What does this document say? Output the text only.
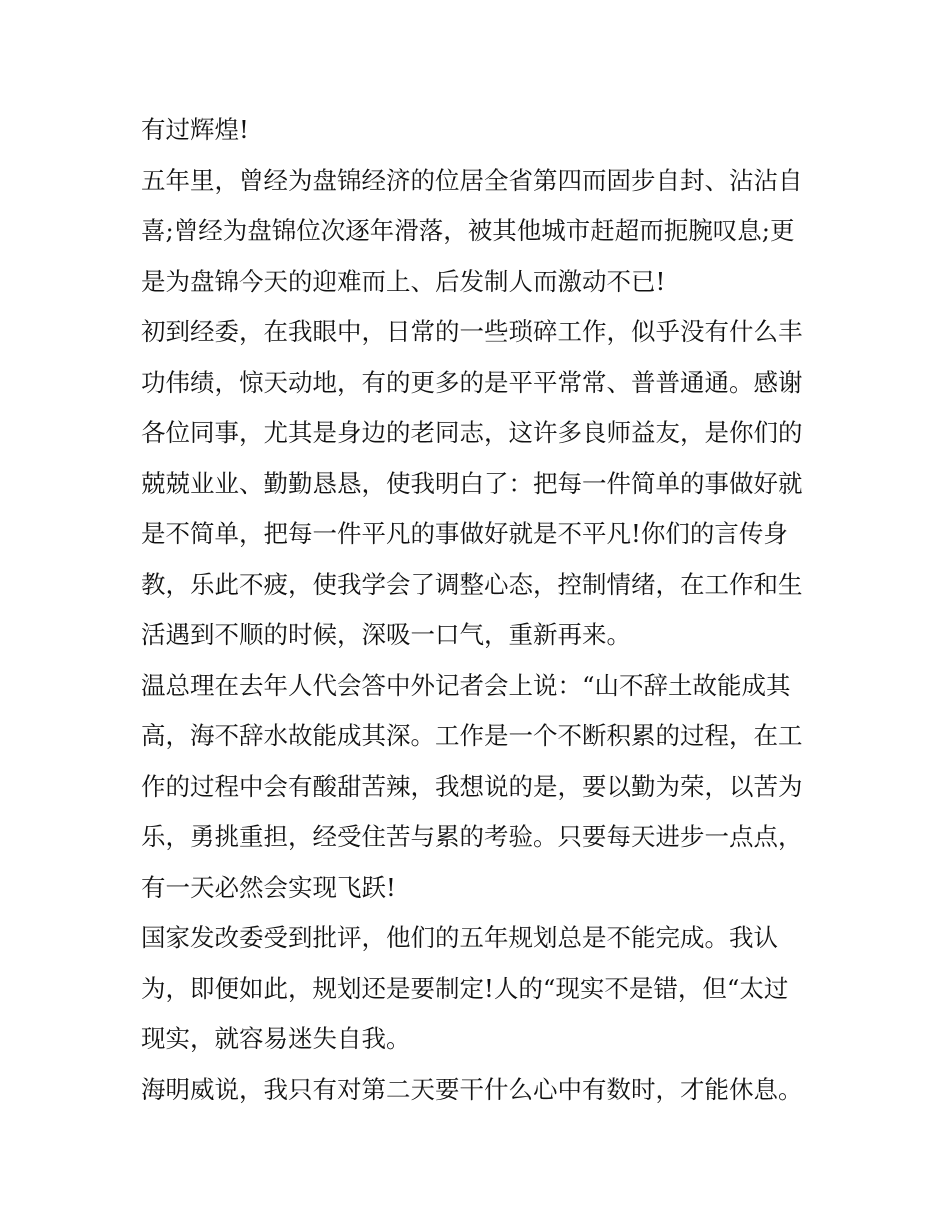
有过辉煌!
五年里，曾经为盘锦经济的位居全省第四而固步自封、沾沾自
喜;曾经为盘锦位次逐年滑落，被其他城市赶超而扼腕叹息;更
是为盘锦今天的迎难而上、后发制人而激动不已!
初到经委，在我眼中，日常的一些琐碎工作，似乎没有什么丰
功伟绩，惊天动地，有的更多的是平平常常、普普通通。感谢
各位同事，尤其是身边的老同志，这许多良师益友，是你们的
兢兢业业、勤勤恳恳，使我明白了：把每一件简单的事做好就
是不简单，把每一件平凡的事做好就是不平凡!你们的言传身
教，乐此不疲，使我学会了调整心态，控制情绪，在工作和生
活遇到不顺的时候，深吸一口气，重新再来。
温总理在去年人代会答中外记者会上说：“山不辞土故能成其
高，海不辞水故能成其深。工作是一个不断积累的过程，在工
作的过程中会有酸甜苦辣，我想说的是，要以勤为荣，以苦为
乐，勇挑重担，经受住苦与累的考验。只要每天进步一点点，
有一天必然会实现飞跃!
国家发改委受到批评，他们的五年规划总是不能完成。我认
为，即便如此，规划还是要制定!人的“现实不是错，但“太过
现实，就容易迷失自我。
海明威说，我只有对第二天要干什么心中有数时，才能休息。
